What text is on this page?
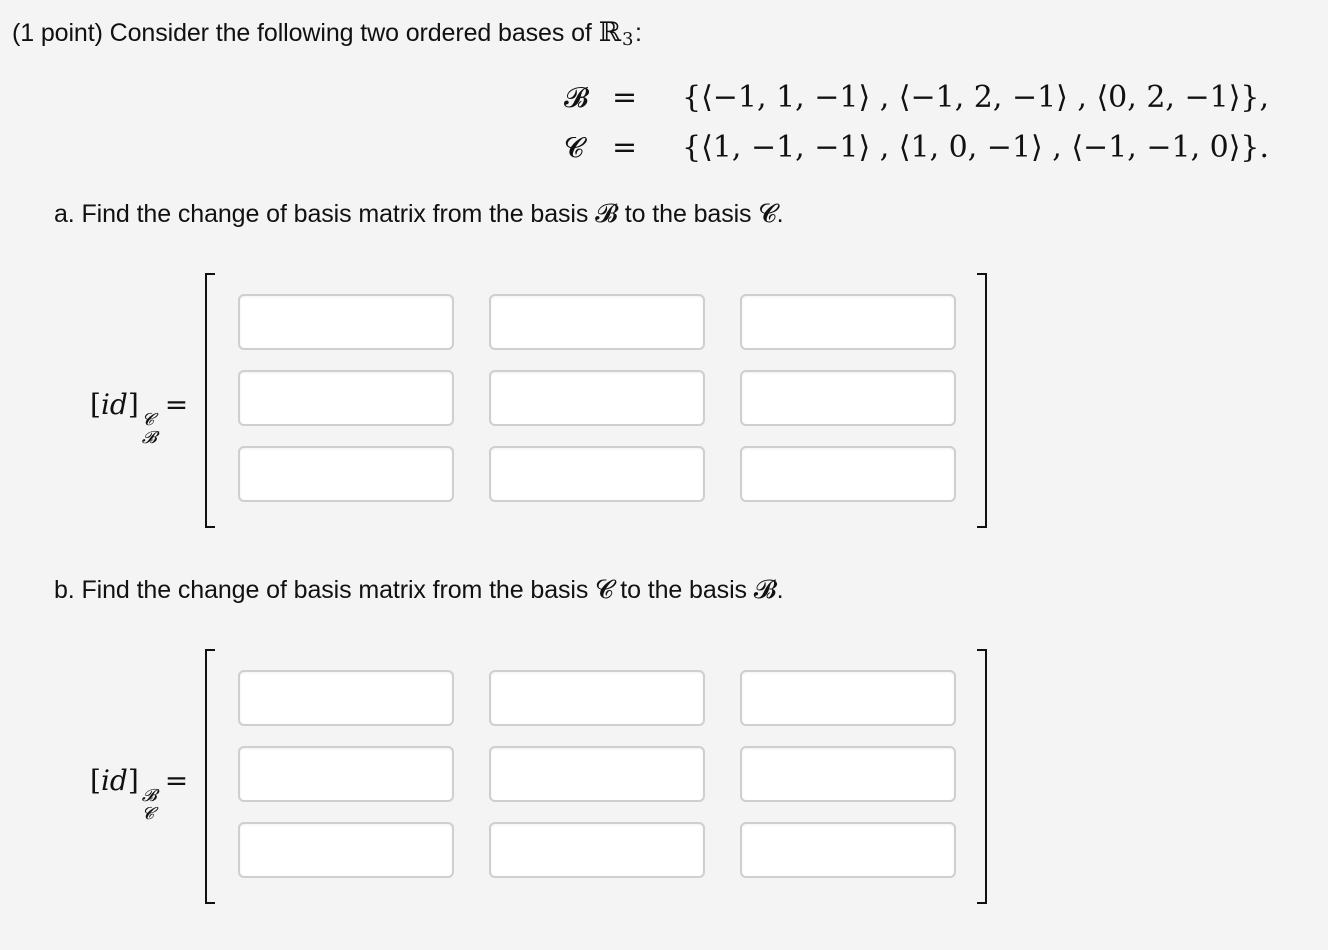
(1 point) Consider the following two ordered bases of ℝ 3 :
𝓑 = {⟨−1, 1, −1⟩ , ⟨−1, 2, −1⟩ , ⟨0, 2, −1⟩},
𝓒 = {⟨1, −1, −1⟩ , ⟨1, 0, −1⟩ , ⟨−1, −1, 0⟩}.
a. Find the change of basis matrix from the basis 𝓑 to the basis 𝓒.
[id] 𝓒
𝓑
=
b. Find the change of basis matrix from the basis 𝓒 to the basis 𝓑.
[id] 𝓑
𝓒
=
